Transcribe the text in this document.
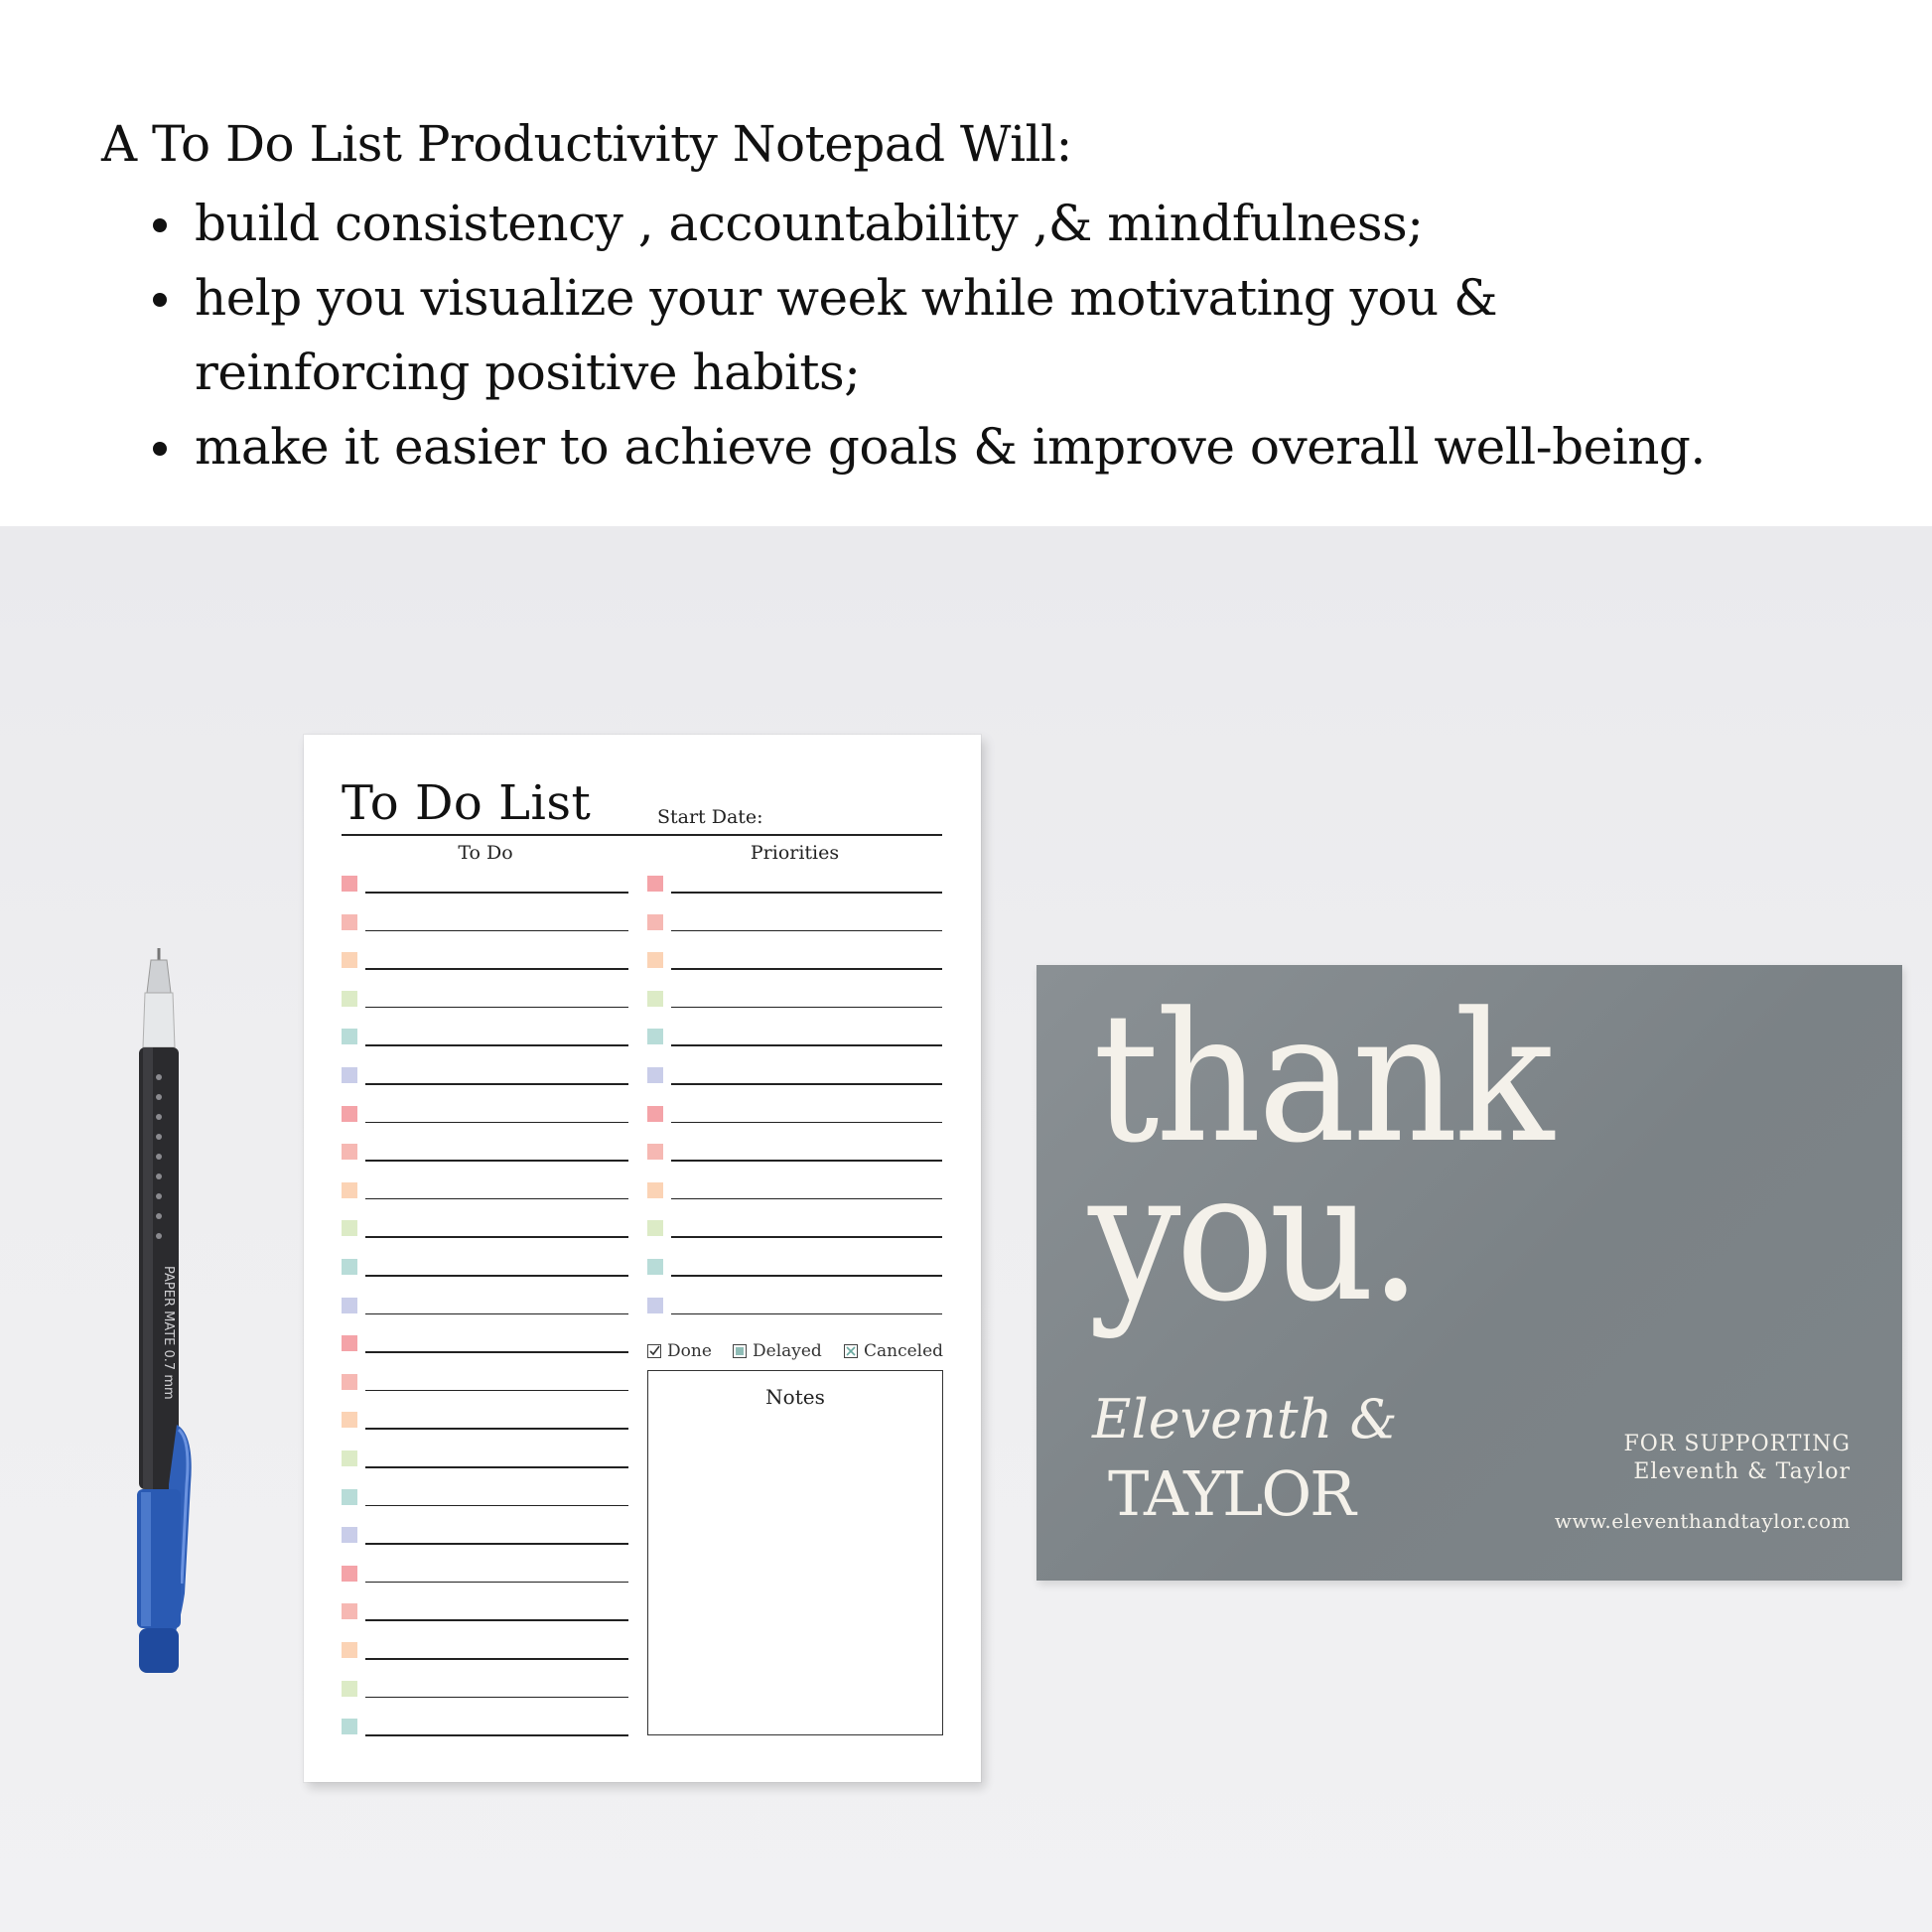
A To Do List Productivity Notepad Will:
build consistency , accountability ,& mindfulness;
help you visualize your week while motivating you & reinforcing positive habits;
make it easier to achieve goals & improve overall well-being.
PAPER MATE 0.7 mm
To Do List	Start Date:
To Do	Priorities
Done	Delayed	Canceled
Notes
thank
you.
Eleventh &
TAYLOR
FOR SUPPORTING
Eleventh & Taylor
www.eleventhandtaylor.com
